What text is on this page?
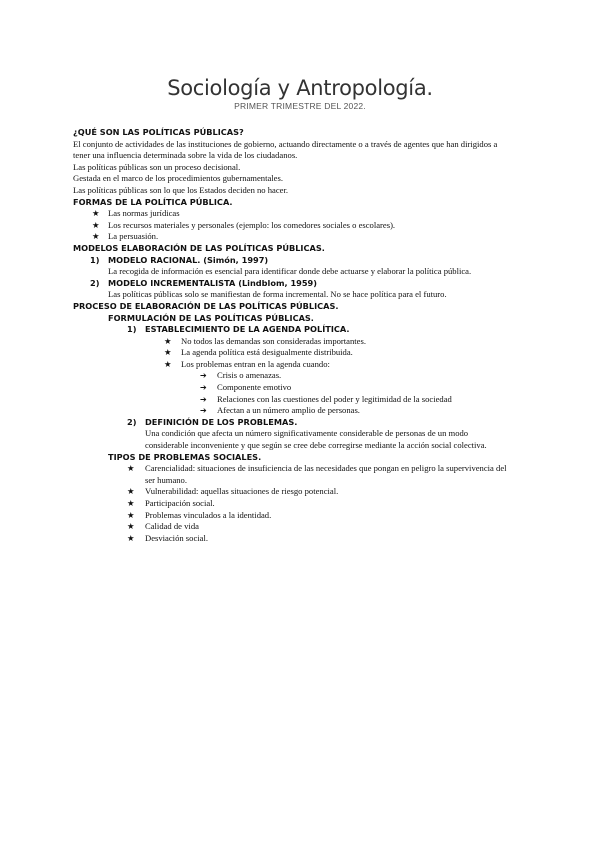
Sociología y Antropología.
PRIMER TRIMESTRE DEL 2022.
¿QUÉ SON LAS POLÍTICAS PÚBLICAS?
El conjunto de actividades de las instituciones de gobierno, actuando directamente o a través de agentes que han dirigidos a
tener una influencia determinada sobre la vida de los ciudadanos.
Las políticas públicas son un proceso decisional.
Gestada en el marco de los procedimientos gubernamentales.
Las políticas públicas son lo que los Estados deciden no hacer.
FORMAS DE LA POLÍTICA PÚBLICA.
★ Las normas jurídicas
★ Los recursos materiales y personales (ejemplo: los comedores sociales o escolares).
★ La persuasión.
MODELOS ELABORACIÓN DE LAS POLÍTICAS PÚBLICAS.
1)	MODELO RACIONAL. (Simón, 1997)
La recogida de información es esencial para identificar donde debe actuarse y elaborar la política pública.
2)	MODELO INCREMENTALISTA (Lindblom, 1959)
Las políticas públicas solo se manifiestan de forma incremental. No se hace política para el futuro.
PROCESO DE ELABORACIÓN DE LAS POLÍTICAS PÚBLICAS.
FORMULACIÓN DE LAS POLÍTICAS PÚBLICAS.
1)	ESTABLECIMIENTO DE LA AGENDA POLÍTICA.
★	No todos las demandas son consideradas importantes.
★	La agenda política está desigualmente distribuida.
★	Los problemas entran en la agenda cuando:
➔	Crisis o amenazas.
➔	Componente emotivo
➔	Relaciones con las cuestiones del poder y legitimidad de la sociedad
➔	Afectan a un número amplio de personas.
2)	DEFINICIÓN DE LOS PROBLEMAS.
Una condición que afecta un número significativamente considerable de personas de un modo
considerable inconveniente y que según se cree debe corregirse mediante la acción social colectiva.
TIPOS DE PROBLEMAS SOCIALES.
★	Carencialidad: situaciones de insuficiencia de las necesidades que pongan en peligro la supervivencia del
ser humano.
★	Vulnerabilidad: aquellas situaciones de riesgo potencial.
★	Participación social.
★	Problemas vinculados a la identidad.
★	Calidad de vida
★	Desviación social.
